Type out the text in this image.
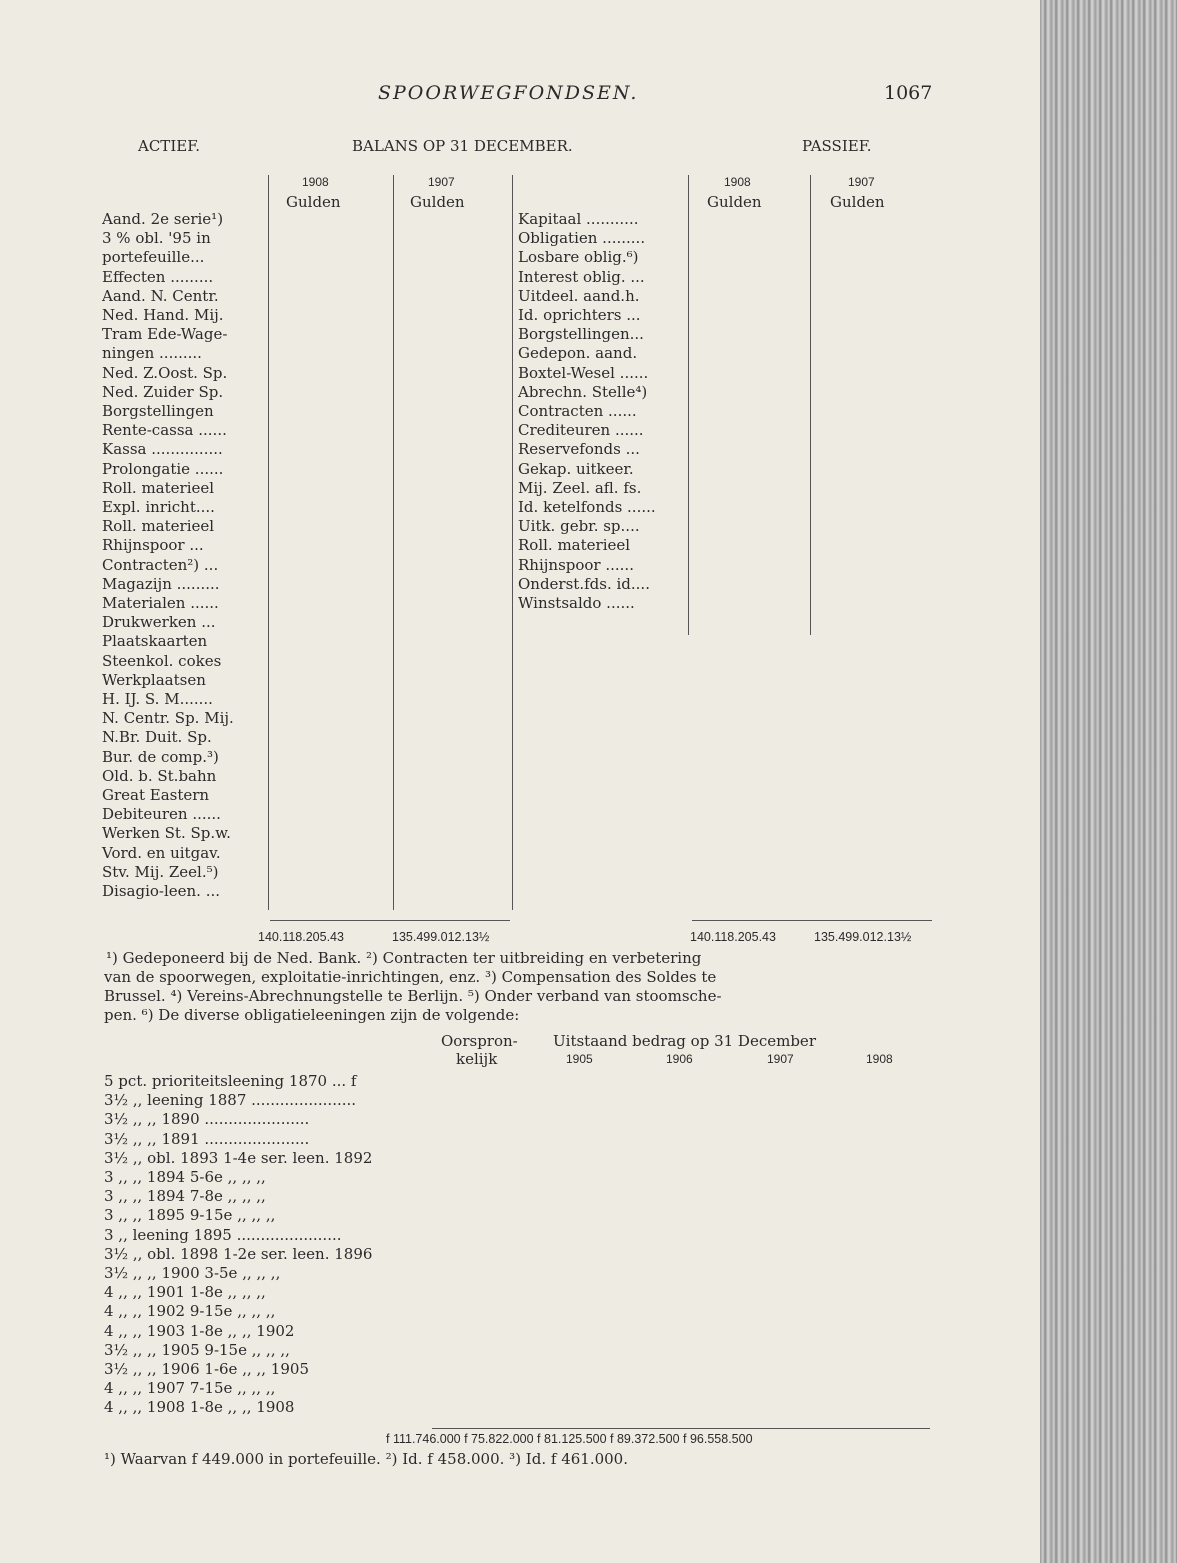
SPOORWEGFONDSEN.	1067
ACTIEF.	BALANS OP 31 DECEMBER.	PASSIEF.
1908	1907	1908	1907
Gulden	Gulden	Gulden	Gulden
Aand. 2e serie¹)
3 % obl. '95 in
portefeuille...
Effecten .........
Aand. N. Centr.
Ned. Hand. Mij.
Tram Ede-Wage-
ningen .........
Ned. Z.Oost. Sp.
Ned. Zuider Sp.
Borgstellingen
Rente-cassa ......
Kassa ...............
Prolongatie ......
Roll. materieel
Expl. inricht....
Roll. materieel
Rhijnspoor ...
Contracten²) ...
Magazijn .........
Materialen ......
Drukwerken ...
Plaatskaarten
Steenkol. cokes
Werkplaatsen
H. IJ. S. M.......
N. Centr. Sp. Mij.
N.Br. Duit. Sp.
Bur. de comp.³)
Old. b. St.bahn
Great Eastern
Debiteuren ......
Werken St. Sp.w.
Vord. en uitgav.
Stv. Mij. Zeel.⁵)
Disagio-leen. ...
Kapitaal ...........
Obligatien .........
Losbare oblig.⁶)
Interest oblig. ...
Uitdeel. aand.h.
Id. oprichters ...
Borgstellingen...
Gedepon. aand.
Boxtel-Wesel ......
Abrechn. Stelle⁴)
Contracten ......
Crediteuren ......
Reservefonds ...
Gekap. uitkeer.
Mij. Zeel. afl. fs.
Id. ketelfonds ......
Uitk. gebr. sp....
Roll. materieel
Rhijnspoor ......
Onderst.fds. id....
Winstsaldo ......
140.118.205.43	135.499.012.13½	140.118.205.43	135.499.012.13½
¹) Gedeponeerd bij de Ned. Bank. ²) Contracten ter uitbreiding en verbetering
van de spoorwegen, exploitatie-inrichtingen, enz. ³) Compensation des Soldes te
Brussel. ⁴) Vereins-Abrechnungstelle te Berlijn. ⁵) Onder verband van stoomsche-
pen. ⁶) De diverse obligatieleeningen zijn de volgende:
Oorspron-
kelijk
Uitstaand bedrag op 31 December
1905	1906	1907	1908
5 pct. prioriteitsleening 1870 ... f
3½ ,, leening 1887 ......................
3½ ,, ,, 1890 ......................
3½ ,, ,, 1891 ......................
3½ ,, obl. 1893 1-4e ser. leen. 1892
3 ,, ,, 1894 5-6e ,, ,, ,,
3 ,, ,, 1894 7-8e ,, ,, ,,
3 ,, ,, 1895 9-15e ,, ,, ,,
3 ,, leening 1895 ......................
3½ ,, obl. 1898 1-2e ser. leen. 1896
3½ ,, ,, 1900 3-5e ,, ,, ,,
4 ,, ,, 1901 1-8e ,, ,, ,,
4 ,, ,, 1902 9-15e ,, ,, ,,
4 ,, ,, 1903 1-8e ,, ,, 1902
3½ ,, ,, 1905 9-15e ,, ,, ,,
3½ ,, ,, 1906 1-6e ,, ,, 1905
4 ,, ,, 1907 7-15e ,, ,, ,,
4 ,, ,, 1908 1-8e ,, ,, 1908
f 111.746.000 f 75.822.000 f 81.125.500 f 89.372.500 f 96.558.500
¹) Waarvan f 449.000 in portefeuille. ²) Id. f 458.000. ³) Id. f 461.000.
